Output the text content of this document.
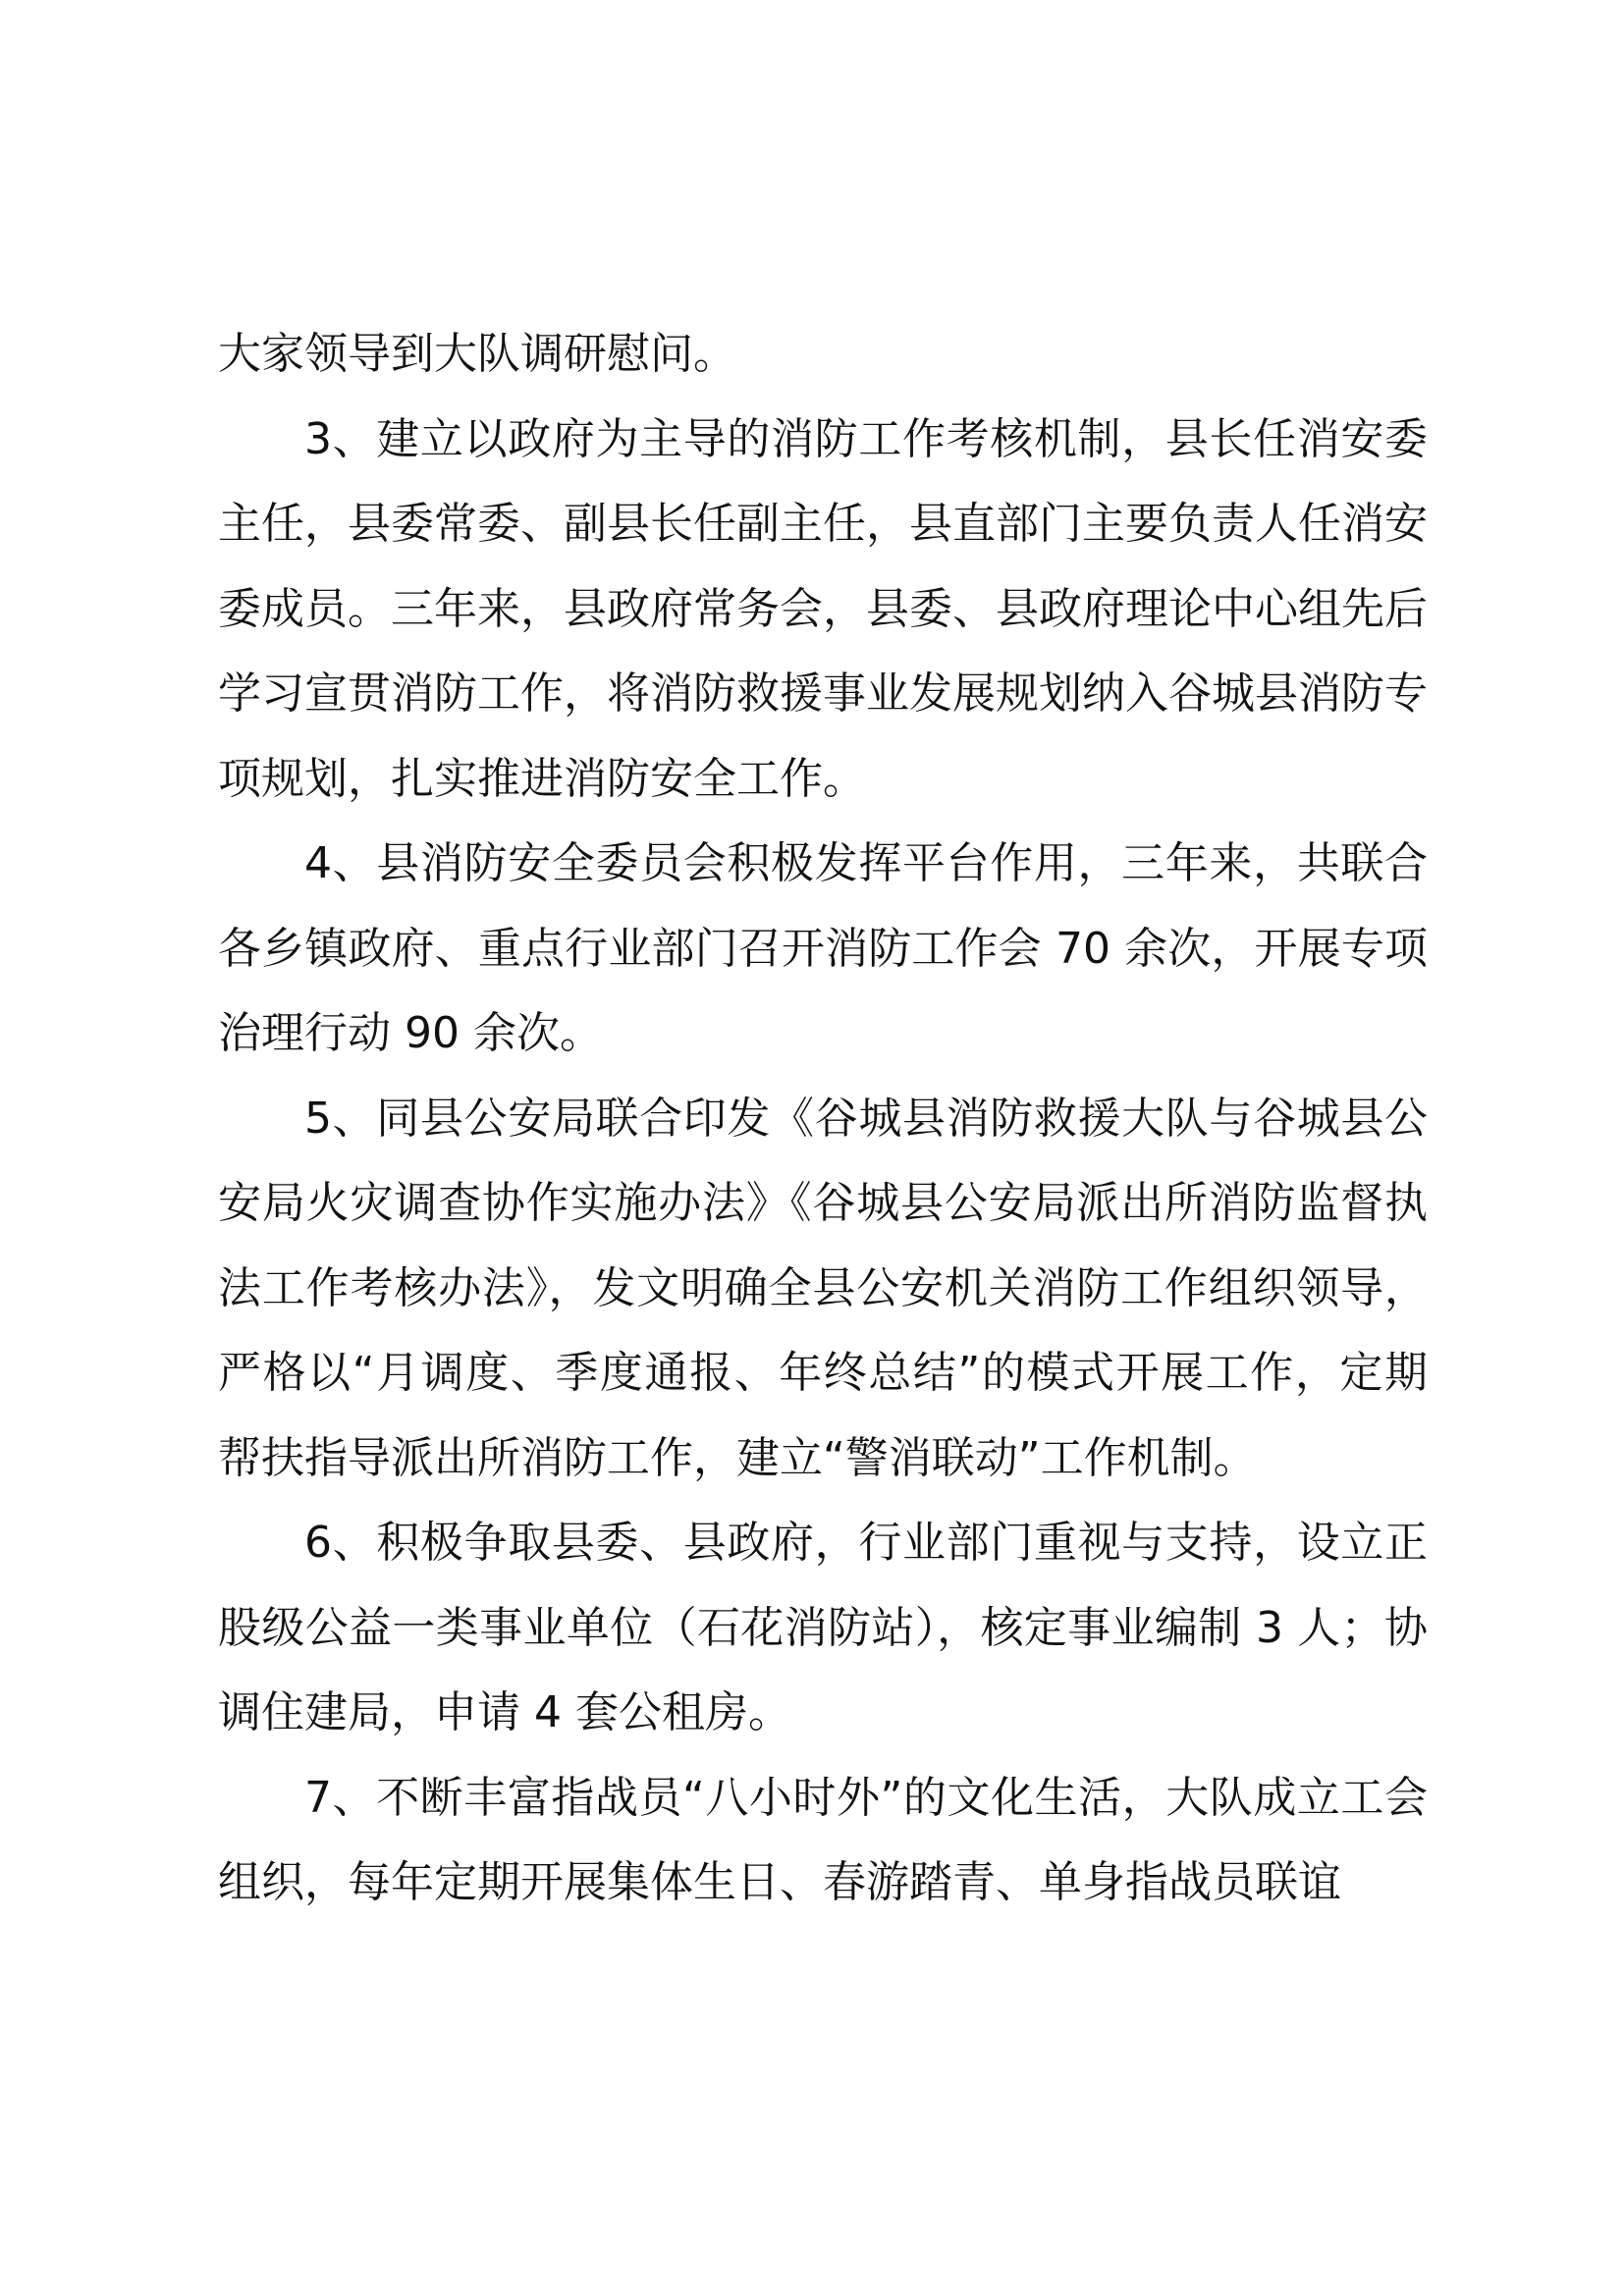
大家领导到大队调研慰问。

3、建立以政府为主导的消防工作考核机制，县长任消安委主任，县委常委、副县长任副主任，县直部门主要负责人任消安委成员。三年来，县政府常务会，县委、县政府理论中心组先后学习宣贯消防工作，将消防救援事业发展规划纳入谷城县消防专项规划，扎实推进消防安全工作。

4、县消防安全委员会积极发挥平台作用，三年来，共联合各乡镇政府、重点行业部门召开消防工作会 70 余次，开展专项治理行动 90 余次。

5、同县公安局联合印发《谷城县消防救援大队与谷城县公安局火灾调查协作实施办法》《谷城县公安局派出所消防监督执法工作考核办法》，发文明确全县公安机关消防工作组织领导，严格以“月调度、季度通报、年终总结”的模式开展工作，定期帮扶指导派出所消防工作，建立“警消联动”工作机制。

6、积极争取县委、县政府，行业部门重视与支持，设立正股级公益一类事业单位（石花消防站），核定事业编制 3 人；协调住建局，申请 4 套公租房。

7、不断丰富指战员“八小时外”的文化生活，大队成立工会组织，每年定期开展集体生日、春游踏青、单身指战员联谊
